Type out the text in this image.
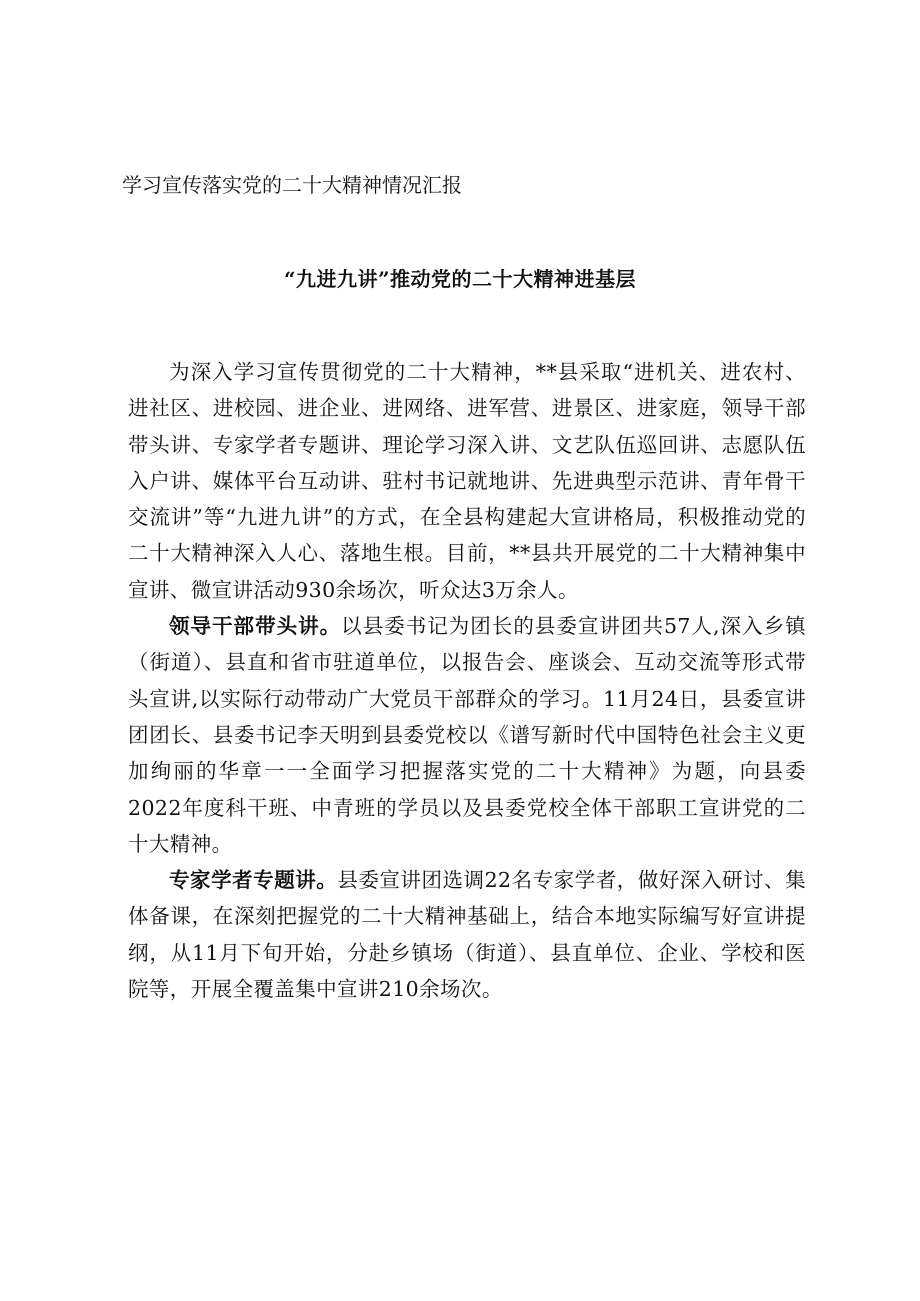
学习宣传落实党的二十大精神情况汇报
“九进九讲”推动党的二十大精神进基层

为深入学习宣传贯彻党的二十大精神，**县采取“进机关、进农村、进社区、进校园、进企业、进网络、进军营、进景区、进家庭，领导干部带头讲、专家学者专题讲、理论学习深入讲、文艺队伍巡回讲、志愿队伍入户讲、媒体平台互动讲、驻村书记就地讲、先进典型示范讲、青年骨干交流讲”等“九进九讲”的方式，在全县构建起大宣讲格局，积极推动党的二十大精神深入人心、落地生根。目前，**县共开展党的二十大精神集中宣讲、微宣讲活动930余场次，听众达3万余人。

领导干部带头讲。以县委书记为团长的县委宣讲团共57人,深入乡镇（街道）、县直和省市驻道单位，以报告会、座谈会、互动交流等形式带头宣讲,以实际行动带动广大党员干部群众的学习。11月24日，县委宣讲团团长、县委书记李天明到县委党校以《谱写新时代中国特色社会主义更加绚丽的华章一一全面学习把握落实党的二十大精神》为题，向县委2022年度科干班、中青班的学员以及县委党校全体干部职工宣讲党的二十大精神。

专家学者专题讲。县委宣讲团选调22名专家学者，做好深入研讨、集体备课，在深刻把握党的二十大精神基础上，结合本地实际编写好宣讲提纲，从11月下旬开始，分赴乡镇场（街道）、县直单位、企业、学校和医院等，开展全覆盖集中宣讲210余场次。
